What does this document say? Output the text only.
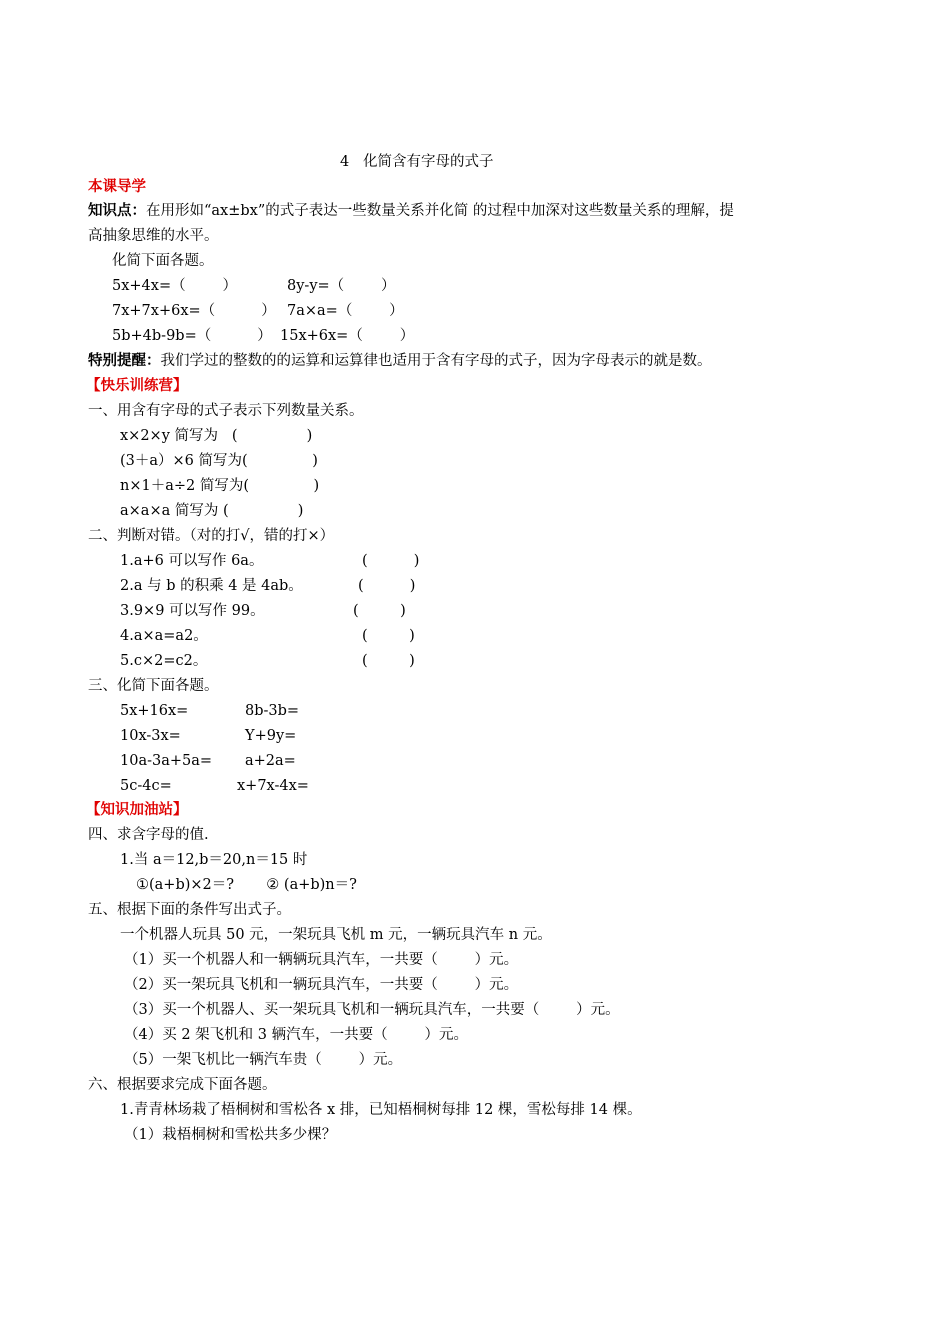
4   化简含有字母的式子
本课导学
知识点：在用形如“ax±bx”的式子表达一些数量关系并化简 的过程中加深对这些数量关系的理解，提
高抽象思维的水平。
化简下面各题。
5x+4x=（        ）	8y-y=（        ）
7x+7x+6x=（          ） 7a×a=（        ）
5b+4b-9b=（          ） 15x+6x=（        ）
特别提醒：我们学过的整数的的运算和运算律也适用于含有字母的式子，因为字母表示的就是数。
【快乐训练营】
一、用含有字母的式子表示下列数量关系。
x×2×y 简写为   (               )
(3＋a）×6 简写为(              )
n×1＋a÷2 简写为(              )
a×a×a 简写为 (               )
二、判断对错。（对的打√，错的打×）
1.a+6 可以写作 6a。	(          )
2.a 与 b 的积乘 4 是 4ab。	(          )
3.9×9 可以写作 99。	(         )
4.a×a=a2。	(         )
5.c×2=c2。	(         )
三、化简下面各题。
5x+16x=	8b-3b=
10x-3x=	Y+9y=
10a-3a+5a= a+2a=
5c-4c=	x+7x-4x=
【知识加油站】
四、求含字母的值.
1.当 a＝12,b＝20,n＝15 时
①(a+b)×2＝?       ② (a+b)n＝?
五、根据下面的条件写出式子。
一个机器人玩具 50 元，一架玩具飞机 m 元，一辆玩具汽车 n 元。
（1）买一个机器人和一辆辆玩具汽车，一共要（        ）元。
（2）买一架玩具飞机和一辆玩具汽车，一共要（        ）元。
（3）买一个机器人、买一架玩具飞机和一辆玩具汽车，一共要（        ）元。
（4）买 2 架飞机和 3 辆汽车，一共要（        ）元。
（5）一架飞机比一辆汽车贵（        ）元。
六、根据要求完成下面各题。
1.青青林场栽了梧桐树和雪松各 x 排，已知梧桐树每排 12 棵，雪松每排 14 棵。
（1）栽梧桐树和雪松共多少棵？
